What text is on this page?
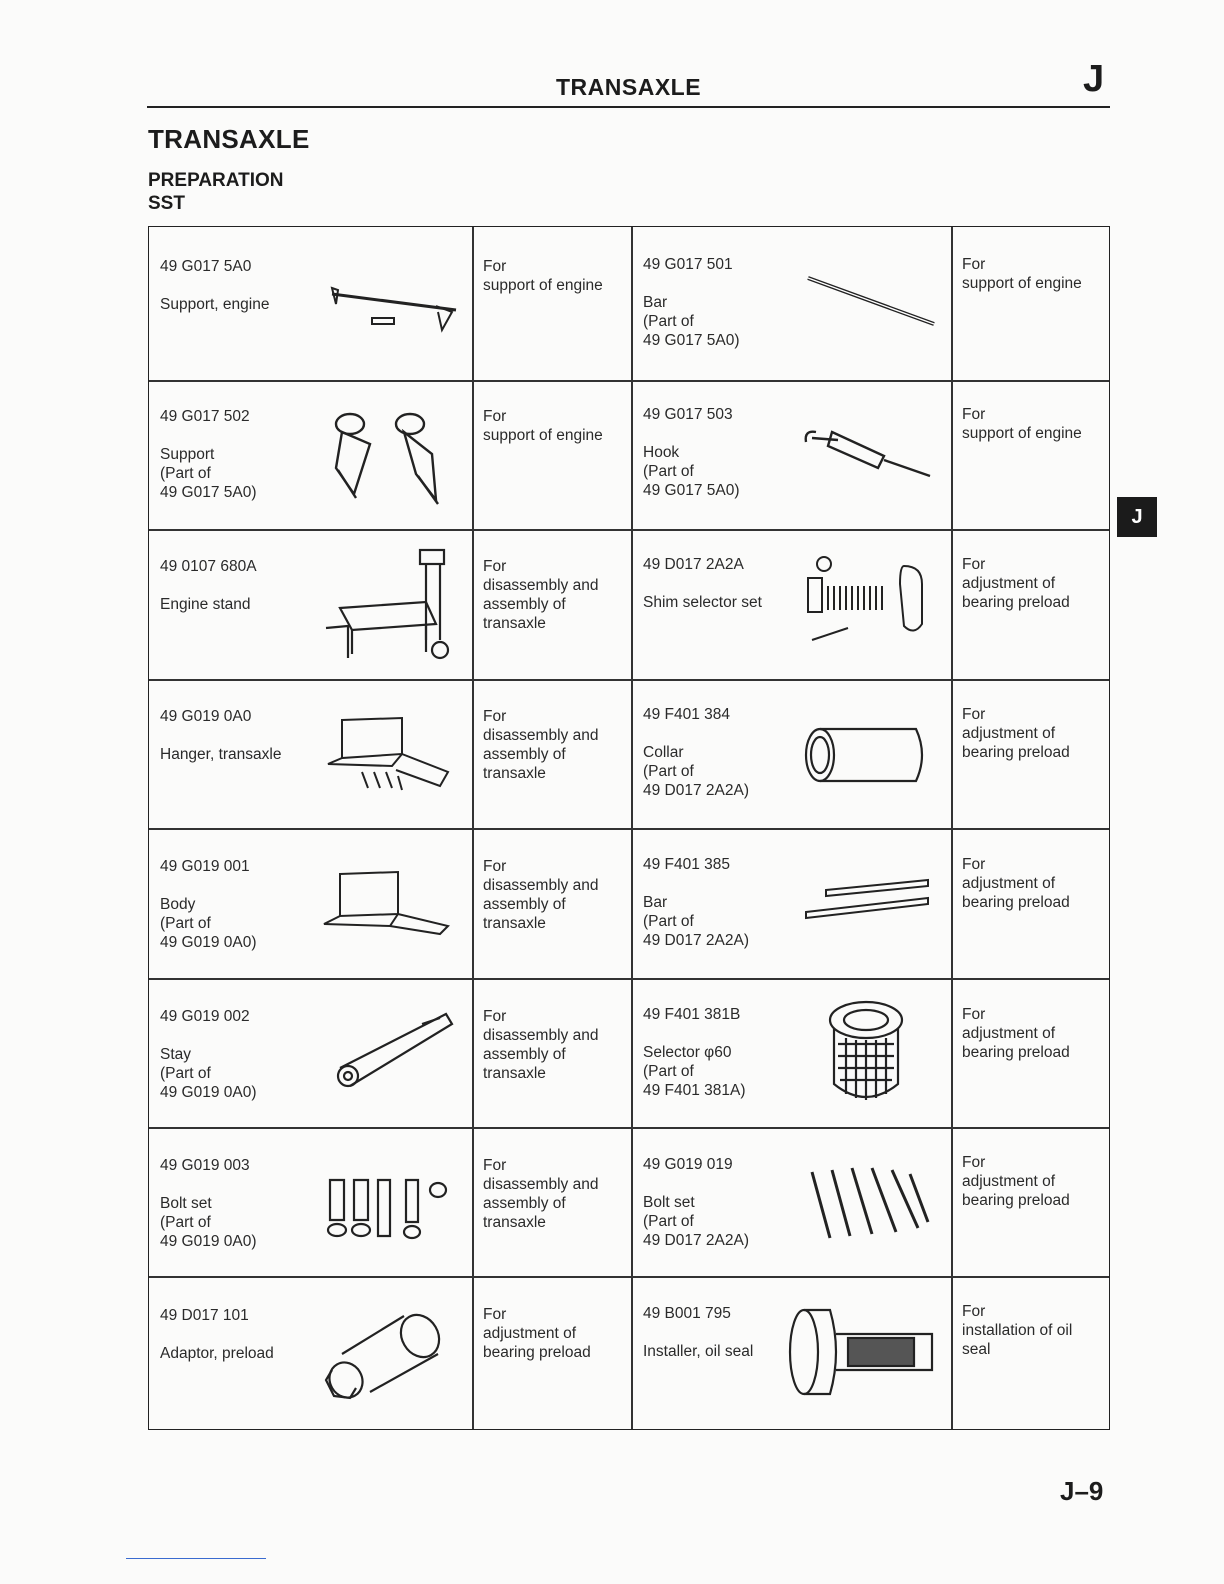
TRANSAXLE	J
TRANSAXLE
PREPARATION
SST
J
49 G017 5A0
Support, engine
For
support of engine
49 G017 501
Bar
(Part of
49 G017 5A0)
For
support of engine
49 G017 502
Support
(Part of
49 G017 5A0)
For
support of engine
49 G017 503
Hook
(Part of
49 G017 5A0)
For
support of engine
49 0107 680A
Engine stand
For
disassembly and
assembly of
transaxle
49 D017 2A2A
Shim selector set
For
adjustment of
bearing preload
49 G019 0A0
Hanger, transaxle
For
disassembly and
assembly of
transaxle
49 F401 384
Collar
(Part of
49 D017 2A2A)
For
adjustment of
bearing preload
49 G019 001
Body
(Part of
49 G019 0A0)
For
disassembly and
assembly of
transaxle
49 F401 385
Bar
(Part of
49 D017 2A2A)
For
adjustment of
bearing preload
49 G019 002
Stay
(Part of
49 G019 0A0)
For
disassembly and
assembly of
transaxle
49 F401 381B
Selector φ60
(Part of
49 F401 381A)
For
adjustment of
bearing preload
49 G019 003
Bolt set
(Part of
49 G019 0A0)
For
disassembly and
assembly of
transaxle
49 G019 019
Bolt set
(Part of
49 D017 2A2A)
For
adjustment of
bearing preload
49 D017 101
Adaptor, preload
For
adjustment of
bearing preload
49 B001 795
Installer, oil seal
For
installation of oil
seal
J–9
